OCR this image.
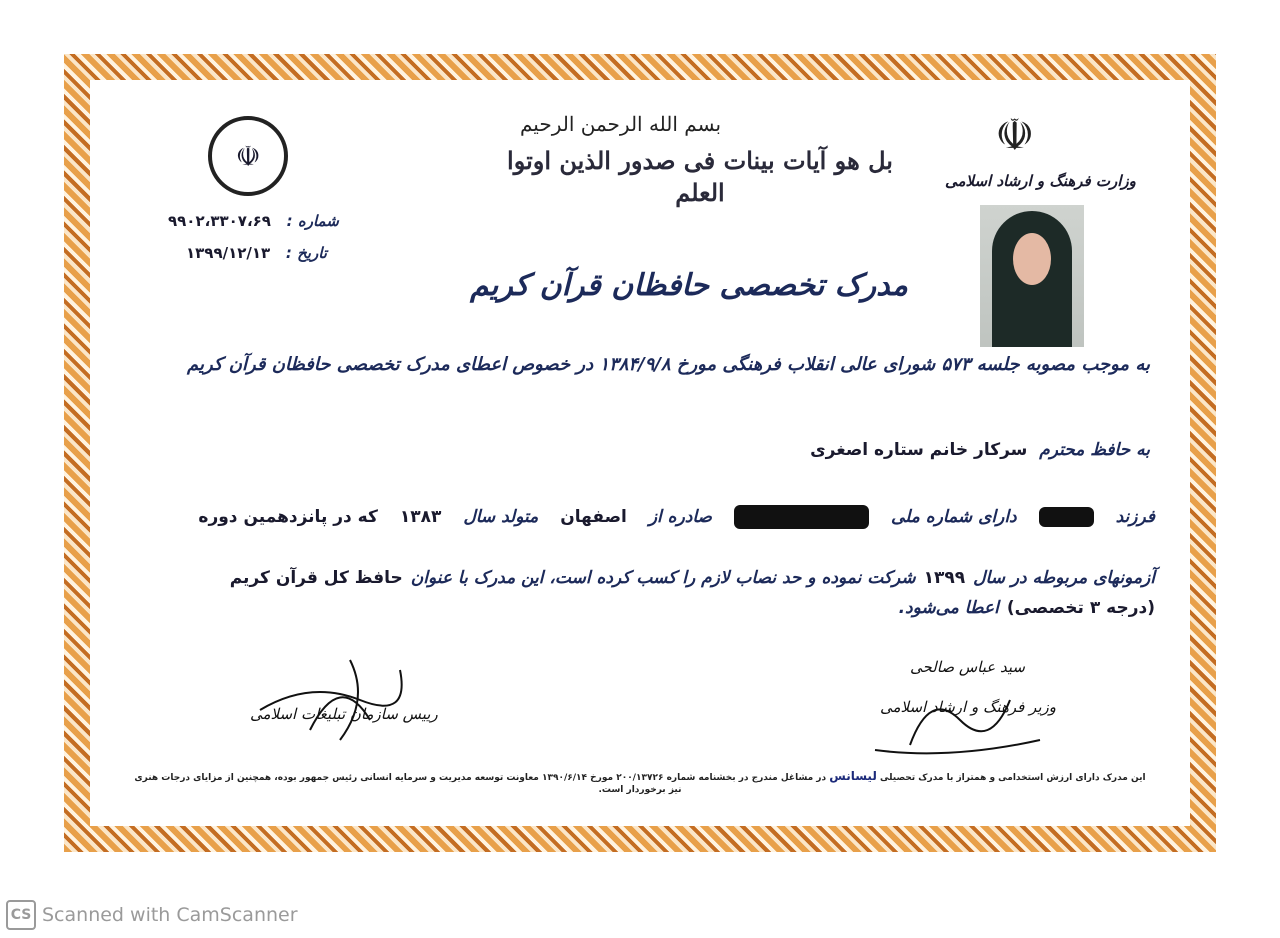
بسم الله الرحمن الرحیم
بل هو آیات بینات فی صدور الذین اوتوا العلم
☫	☫
وزارت فرهنگ و ارشاد اسلامی
شماره :   ۹۹۰۲،۳۳۰۷،۶۹
تاریخ :   ۱۳۹۹/۱۲/۱۳
مدرک تخصصی حافظان قرآن کریم
به موجب مصوبه جلسه ۵۷۳ شورای عالی انقلاب فرهنگی مورخ ۱۳۸۴/۹/۸ در خصوص اعطای مدرک تخصصی حافظان قرآن کریم
به حافظ محترم  سرکار خانم ستاره اصغری
فرزند
دارای شماره ملی
صادره از
اصفهان
متولد سال
۱۳۸۳
که در پانزدهمین دوره
آزمونهای مربوطه در سال
۱۳۹۹
شرکت نموده و حد نصاب لازم را کسب کرده است، این مدرک با عنوان
حافظ کل قرآن کریم
(درجه ۳ تخصصی)
اعطا می‌شود.
رییس سازمان تبلیغات اسلامی
سید عباس صالحی
وزیر فرهنگ و ارشاد اسلامی
این مدرک دارای ارزش استخدامی و همتراز با مدرک تحصیلی لیسانس در مشاغل مندرج در بخشنامه شماره ۲۰۰/۱۳۷۲۶ مورخ ۱۳۹۰/۶/۱۴ معاونت توسعه مدیریت و سرمایه انسانی رئیس جمهور بوده، همچنین از مزایای درجات هنری نیز برخوردار است.
CS Scanned with CamScanner
